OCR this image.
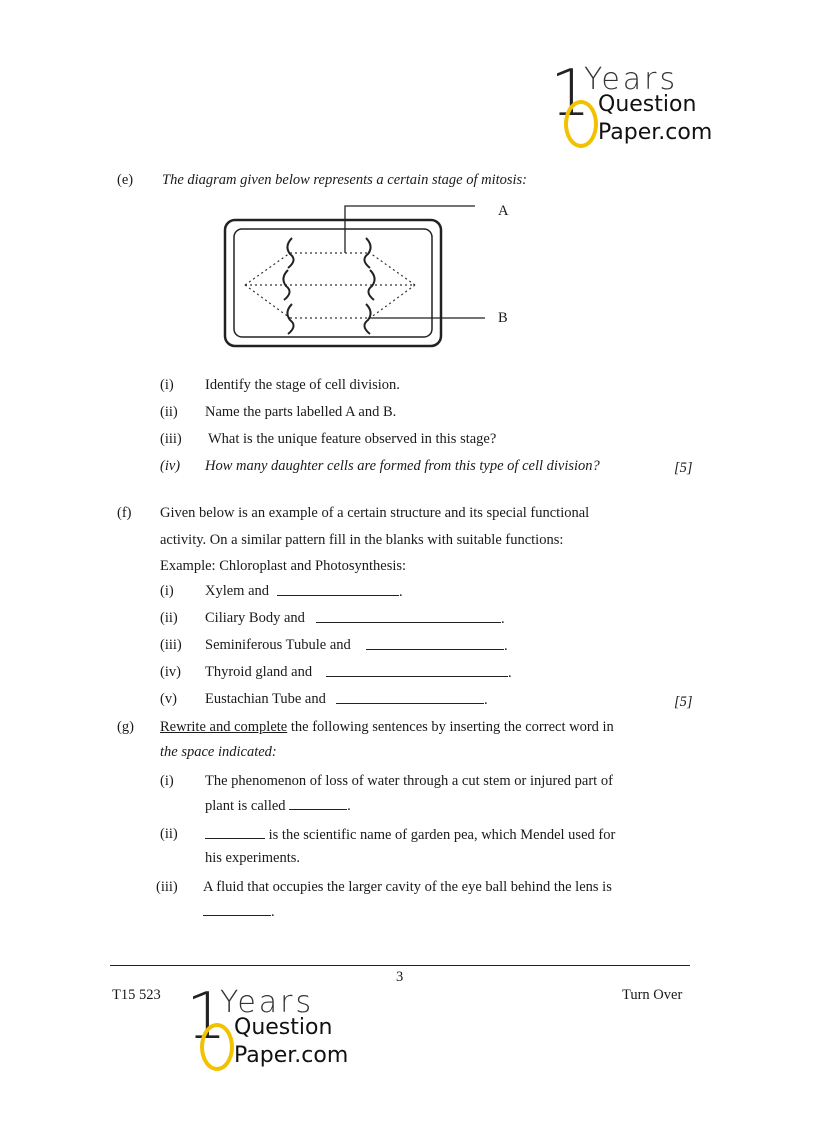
1
Years
Question
Paper.com
(e) The diagram given below represents a certain stage of mitosis:
A
B
(i) Identify the stage of cell division.
(ii) Name the parts labelled A and B.
(iii) What is the unique feature observed in this stage?
(iv) How many daughter cells are formed from this type of cell division?	[5]
(f) Given below is an example of a certain structure and its special functional
activity. On a similar pattern fill in the blanks with suitable functions:
Example: Chloroplast and Photosynthesis:
(i) Xylem and	.
(ii) Ciliary Body and	.
(iii) Seminiferous Tubule and	.
(iv) Thyroid gland and	.
(v) Eustachian Tube and	.	[5]
(g) Rewrite and complete the following sentences by inserting the correct word in
the space indicated:
(i) The phenomenon of loss of water through a cut stem or injured part of
plant is called	.
(ii)	is the scientific name of garden pea, which Mendel used for
his experiments.
(iii) A fluid that occupies the larger cavity of the eye ball behind the lens is
.
3
T15 523	Turn Over
1
Years
Question
Paper.com
